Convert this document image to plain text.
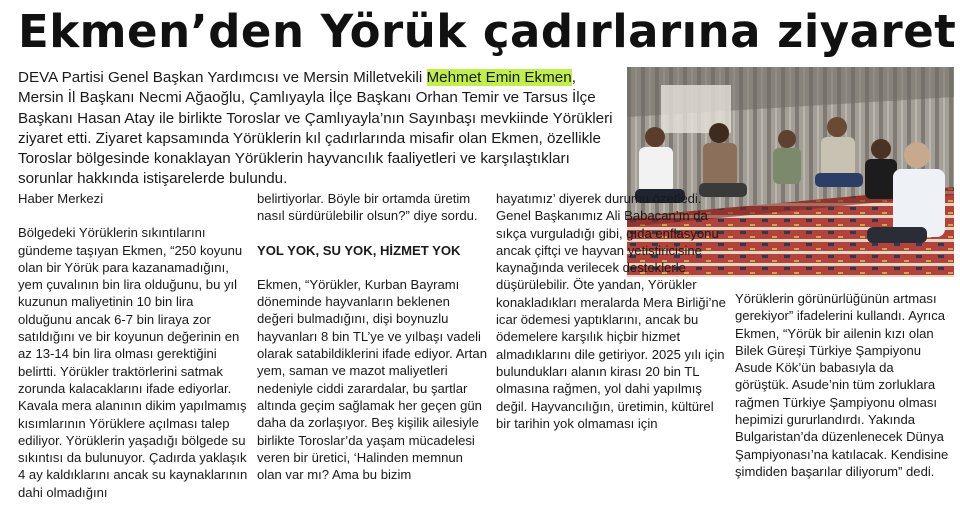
Ekmen’den Yörük çadırlarına ziyaret

DEVA Partisi Genel Başkan Yardımcısı ve Mersin Milletvekili Mehmet Emin Ekmen, Mersin İl Başkanı Necmi Ağaoğlu, Çamlıyayla İlçe Başkanı Orhan Temir ve Tarsus İlçe Başkanı Hasan Atay ile birlikte Toroslar ve Çamlıyayla’nın Sayınbaşı mevkiinde Yörükleri ziyaret etti. Ziyaret kapsamında Yörüklerin kıl çadırlarında misafir olan Ekmen, özellikle Toroslar bölgesinde konaklayan Yörüklerin hayvancılık faaliyetleri ve karşılaştıkları sorunlar hakkında istişarelerde bulundu.

Haber Merkezi

Bölgedeki Yörüklerin sıkıntılarını gündeme taşıyan Ekmen, “250 koyunu olan bir Yörük para kazanamadığını, yem çuvalının bin lira olduğunu, bu yıl kuzunun maliyetinin 10 bin lira olduğunu ancak 6-7 bin liraya zor satıldığını ve bir koyunun değerinin en az 13-14 bin lira olması gerektiğini belirtti. Yörükler traktörlerini satmak zorunda kalacaklarını ifade ediyorlar. Kavala mera alanının dikim yapılmamış kısımlarının Yörüklere açılması talep ediliyor. Yörüklerin yaşadığı bölgede su sıkıntısı da bulunuyor. Çadırda yaklaşık 4 ay kaldıklarını ancak su kaynaklarının dahi olmadığını

belirtiyorlar. Böyle bir ortamda üretim nasıl sürdürülebilir olsun?” diye sordu.

YOL YOK, SU YOK, HİZMET YOK

Ekmen, “Yörükler, Kurban Bayramı döneminde hayvanların beklenen değeri bulmadığını, dişi boynuzlu hayvanları 8 bin TL’ye ve yılbaşı vadeli olarak satabildiklerini ifade ediyor. Artan yem, saman ve mazot maliyetleri nedeniyle ciddi zarardalar, bu şartlar altında geçim sağlamak her geçen gün daha da zorlaşıyor. Beş kişilik ailesiyle birlikte Toroslar’da yaşam mücadelesi veren bir üretici, ‘Halinden memnun olan var mı? Ama bu bizim

hayatımız’ diyerek durumu özetledi. Genel Başkanımız Ali Babacan’ın da sıkça vurguladığı gibi, gıda enflasyonu ancak çiftçi ve hayvan yetiştiricisine kaynağında verilecek desteklerle düşürülebilir. Öte yandan, Yörükler konakladıkları meralarda Mera Birliği’ne icar ödemesi yaptıklarını, ancak bu ödemelere karşılık hiçbir hizmet almadıklarını dile getiriyor. 2025 yılı için bulundukları alanın kirası 20 bin TL olmasına rağmen, yol dahi yapılmış değil. Hayvancılığın, üretimin, kültürel bir tarihin yok olmaması için

Yörüklerin görünürlüğünün artması gerekiyor” ifadelerini kullandı. Ayrıca Ekmen, “Yörük bir ailenin kızı olan Bilek Güreşi Türkiye Şampiyonu Asude Kök’ün babasıyla da görüştük. Asude’nin tüm zorluklara rağmen Türkiye Şampiyonu olması hepimizi gururlandırdı. Yakında Bulgaristan’da düzenlenecek Dünya Şampiyonası’na katılacak. Kendisine şimdiden başarılar diliyorum” dedi.
